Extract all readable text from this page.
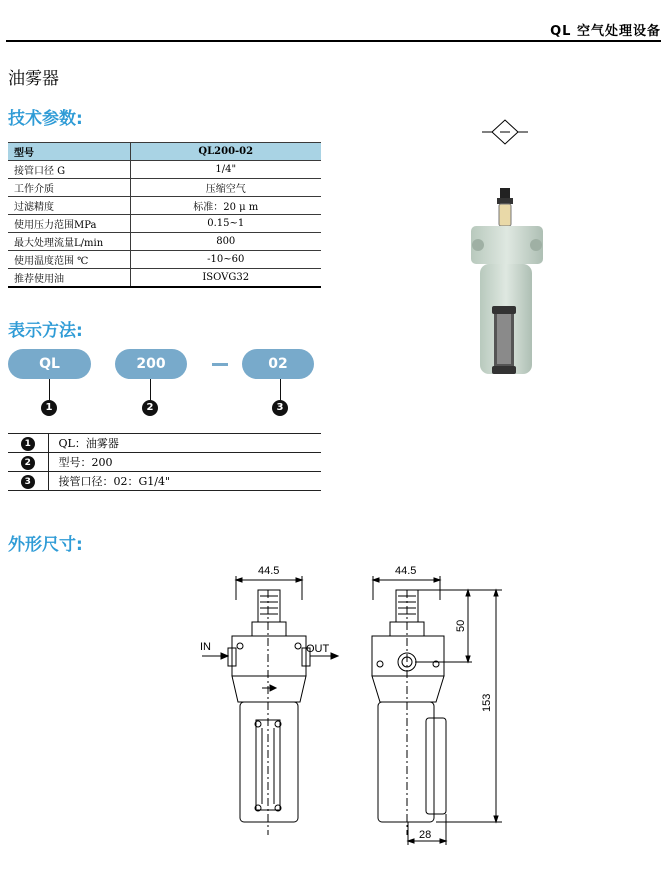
QL 空气处理设备
油雾器
技术参数:
型号	QL200-02
接管口径 G	1/4"
工作介质	压缩空气
过滤精度	标准：20 μ m
使用压力范围MPa	0.15~1
最大处理流量L/min	800
使用温度范围 ℃	-10~60
推荐使用油	ISOVG32
表示方法:
QL	200	02
1	2	3
1	QL：油雾器
2	型号：200
3	接管口径：02：G1/4"
外形尺寸:
44.5	44.5
IN	OUT
50
153
28
